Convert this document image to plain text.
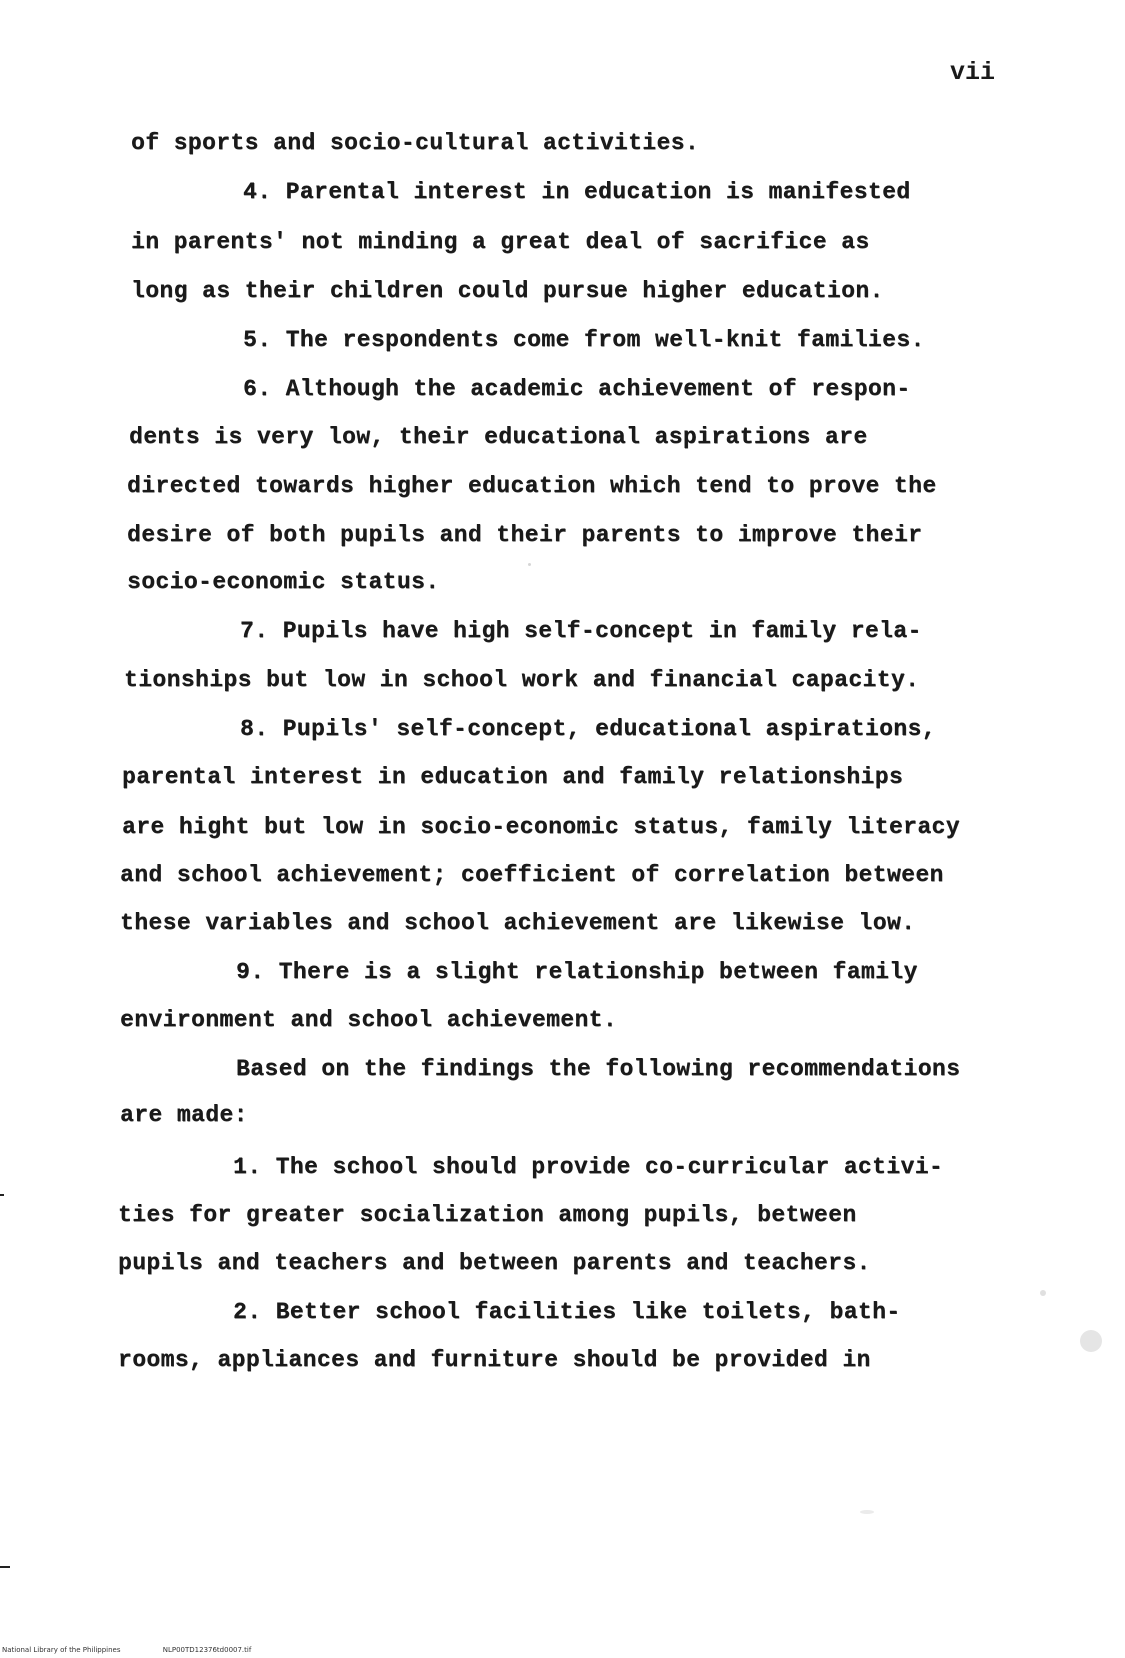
vii
of sports and socio-cultural activities.
4. Parental interest in education is manifested
in parents' not minding a great deal of sacrifice as
long as their children could pursue higher education.
5. The respondents come from well-knit families.
6. Although the academic achievement of respon-
dents is very low, their educational aspirations are
directed towards higher education which tend to prove the
desire of both pupils and their parents to improve their
socio-economic status.
7. Pupils have high self-concept in family rela-
tionships but low in school work and financial capacity.
8. Pupils' self-concept, educational aspirations,
parental interest in education and family relationships
are hight but low in socio-economic status, family literacy
and school achievement; coefficient of correlation between
these variables and school achievement are likewise low.
9. There is a slight relationship between family
environment and school achievement.
Based on the findings the following recommendations
are made:
1. The school should provide co-curricular activi-
ties for greater socialization among pupils, between
pupils and teachers and between parents and teachers.
2. Better school facilities like toilets, bath-
rooms, appliances and furniture should be provided in
National Library of the Philippines	NLP00TD12376td0007.tif
